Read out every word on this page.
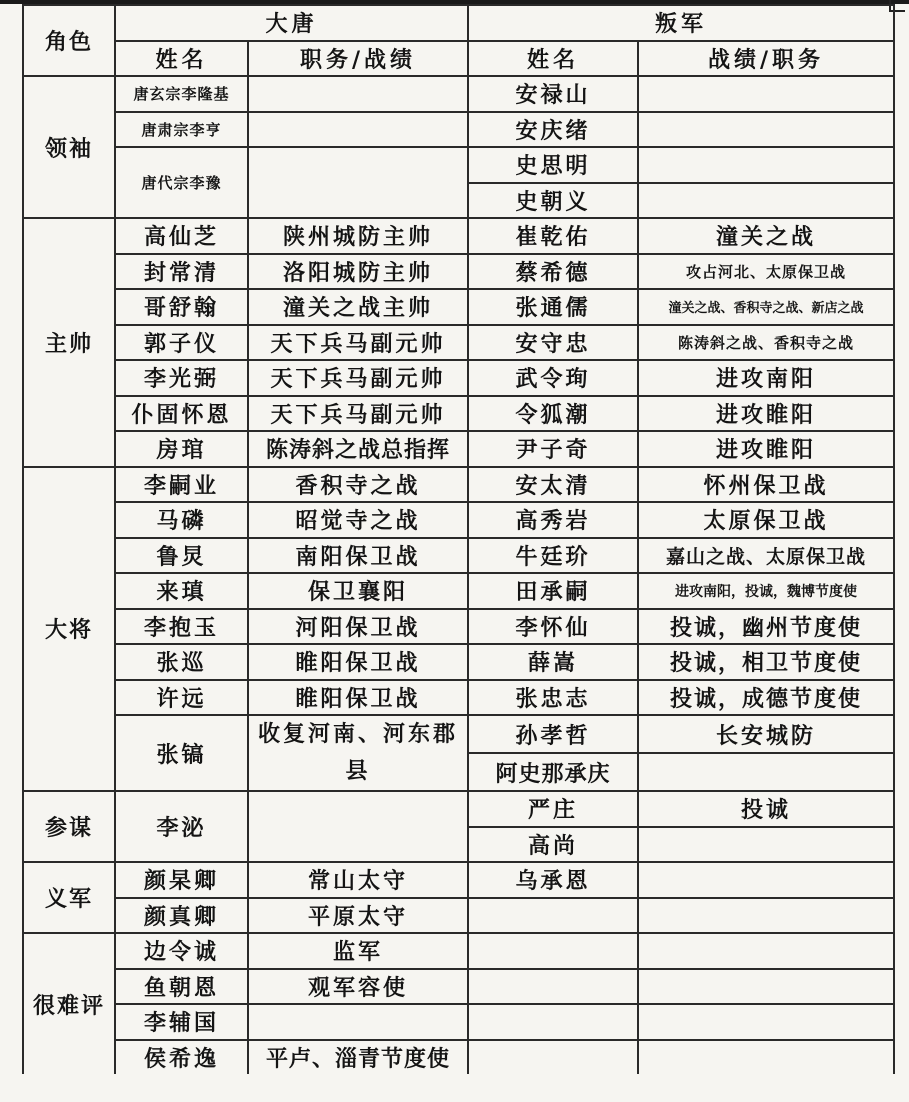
角色	大唐		叛军	
	姓名	职务/战绩	姓名	战绩/职务
领袖	唐玄宗李隆基		安禄山	
	唐肃宗李亨		安庆绪	
	唐代宗李豫		史思明	
			史朝义	
主帅	高仙芝	陕州城防主帅	崔乾佑	潼关之战
	封常清	洛阳城防主帅	蔡希德	攻占河北、太原保卫战
	哥舒翰	潼关之战主帅	张通儒	潼关之战、香积寺之战、新店之战
	郭子仪	天下兵马副元帅	安守忠	陈涛斜之战、香积寺之战
	李光弼	天下兵马副元帅	武令珣	进攻南阳
	仆固怀恩	天下兵马副元帅	令狐潮	进攻睢阳
	房琯	陈涛斜之战总指挥	尹子奇	进攻睢阳
大将	李嗣业	香积寺之战	安太清	怀州保卫战
	马磷	昭觉寺之战	高秀岩	太原保卫战
	鲁炅	南阳保卫战	牛廷玠	嘉山之战、太原保卫战
	来瑱	保卫襄阳	田承嗣	进攻南阳，投诚，魏博节度使
	李抱玉	河阳保卫战	李怀仙	投诚，幽州节度使
	张巡	睢阳保卫战	薛嵩	投诚，相卫节度使
	许远	睢阳保卫战	张忠志	投诚，成德节度使
	张镐	收复河南、河东郡县	孙孝哲	长安城防
			阿史那承庆	
参谋	李泌		严庄	投诚
			高尚	
义军	颜杲卿	常山太守	乌承恩	
	颜真卿	平原太守		
很难评	边令诚	监军		
	鱼朝恩	观军容使		
	李辅国			
	侯希逸	平卢、淄青节度使		
